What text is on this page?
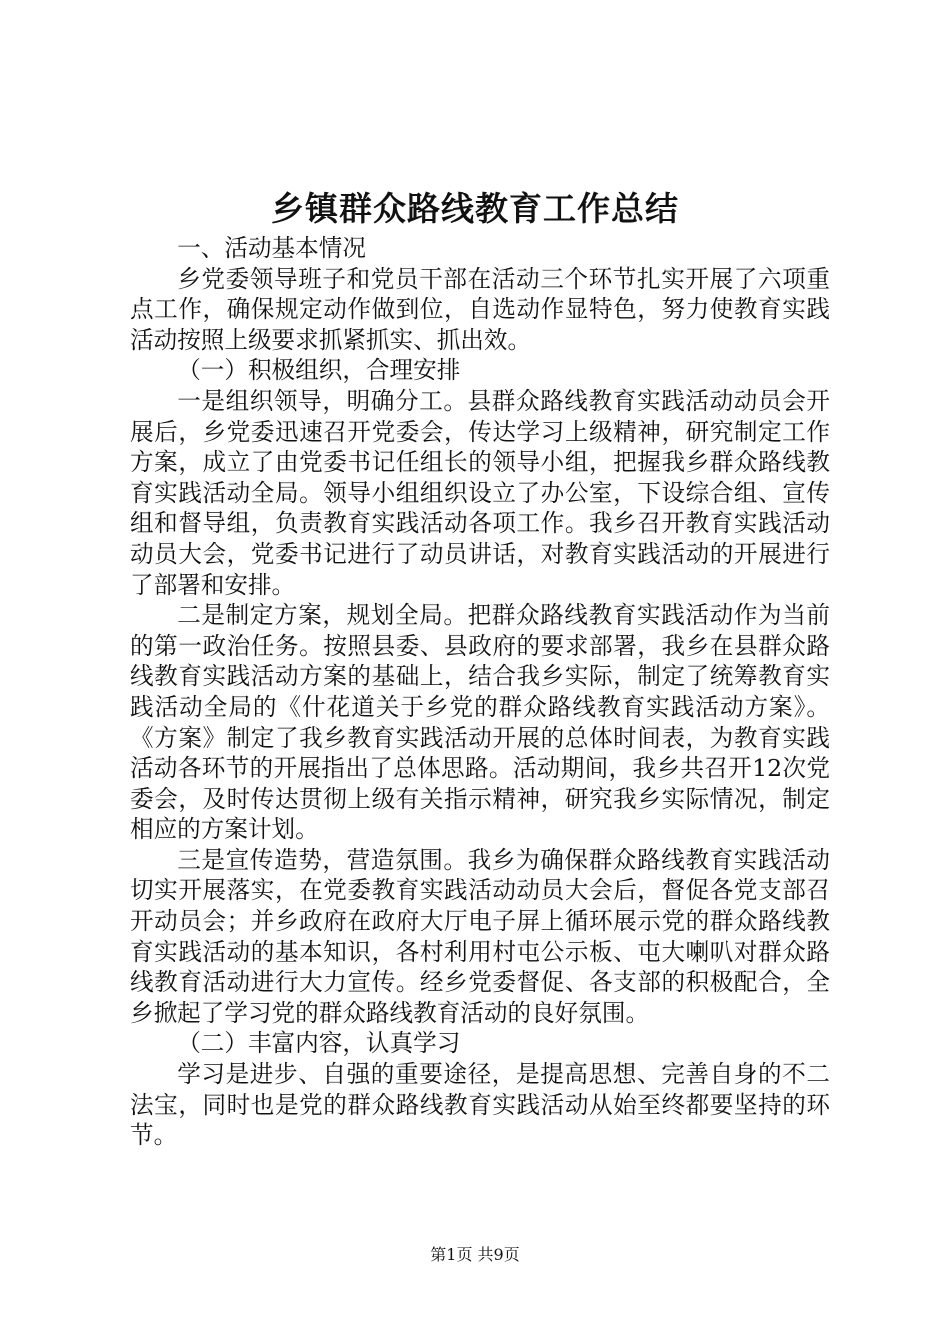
乡镇群众路线教育工作总结

一、活动基本情况

乡党委领导班子和党员干部在活动三个环节扎实开展了六项重点工作，确保规定动作做到位，自选动作显特色，努力使教育实践活动按照上级要求抓紧抓实、抓出效。

（一）积极组织，合理安排

一是组织领导，明确分工。县群众路线教育实践活动动员会开展后，乡党委迅速召开党委会，传达学习上级精神，研究制定工作方案，成立了由党委书记任组长的领导小组，把握我乡群众路线教育实践活动全局。领导小组组织设立了办公室，下设综合组、宣传组和督导组，负责教育实践活动各项工作。我乡召开教育实践活动动员大会，党委书记进行了动员讲话，对教育实践活动的开展进行了部署和安排。

二是制定方案，规划全局。把群众路线教育实践活动作为当前的第一政治任务。按照县委、县政府的要求部署，我乡在县群众路线教育实践活动方案的基础上，结合我乡实际，制定了统筹教育实践活动全局的《什花道关于乡党的群众路线教育实践活动方案》。《方案》制定了我乡教育实践活动开展的总体时间表，为教育实践活动各环节的开展指出了总体思路。活动期间，我乡共召开12次党委会，及时传达贯彻上级有关指示精神，研究我乡实际情况，制定相应的方案计划。

三是宣传造势，营造氛围。我乡为确保群众路线教育实践活动切实开展落实，在党委教育实践活动动员大会后，督促各党支部召开动员会；并乡政府在政府大厅电子屏上循环展示党的群众路线教育实践活动的基本知识，各村利用村屯公示板、屯大喇叭对群众路线教育活动进行大力宣传。经乡党委督促、各支部的积极配合，全乡掀起了学习党的群众路线教育活动的良好氛围。

（二）丰富内容，认真学习

学习是进步、自强的重要途径，是提高思想、完善自身的不二法宝，同时也是党的群众路线教育实践活动从始至终都要坚持的环节。

第1页 共9页
